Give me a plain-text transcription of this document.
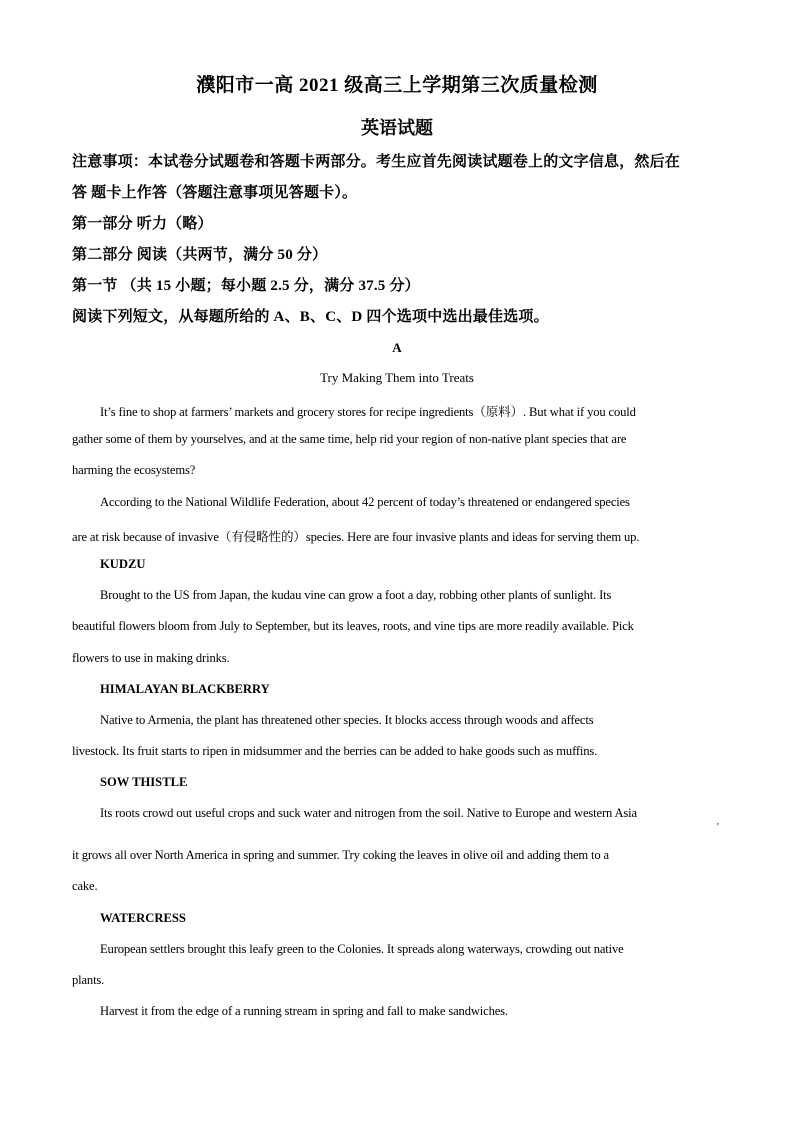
濮阳市一高 2021 级高三上学期第三次质量检测
英语试题
注意事项：本试卷分试题卷和答题卡两部分。考生应首先阅读试题卷上的文字信息，然后在
答 题卡上作答（答题注意事项见答题卡）。
第一部分 听力（略）
第二部分 阅读（共两节，满分 50 分）
第一节 （共 15 小题；每小题 2.5 分，满分 37.5 分）
阅读下列短文，从每题所给的 A、B、C、D 四个选项中选出最佳选项。
A
Try Making Them into Treats
It’s fine to shop at farmers’ markets and grocery stores for recipe ingredients（原料）. But what if you could
gather some of them by yourselves, and at the same time, help rid your region of non-native plant species that are
harming the ecosystems?
According to the National Wildlife Federation, about 42 percent of today’s threatened or endangered species
are at risk because of invasive（有侵略性的）species. Here are four invasive plants and ideas for serving them up.
KUDZU
Brought to the US from Japan, the kudau vine can grow a foot a day, robbing other plants of sunlight. Its
beautiful flowers bloom from July to September, but its leaves, roots, and vine tips are more readily available. Pick
flowers to use in making drinks.
HIMALAYAN BLACKBERRY
Native to Armenia, the plant has threatened other species. It blocks access through woods and affects
livestock. Its fruit starts to ripen in midsummer and the berries can be added to hake goods such as muffins.
SOW THISTLE
Its roots crowd out useful crops and suck water and nitrogen from the soil. Native to Europe and western Asia
'
it grows all over North America in spring and summer. Try coking the leaves in olive oil and adding them to a
cake.
WATERCRESS
European settlers brought this leafy green to the Colonies. It spreads along waterways, crowding out native
plants.
Harvest it from the edge of a running stream in spring and fall to make sandwiches.
